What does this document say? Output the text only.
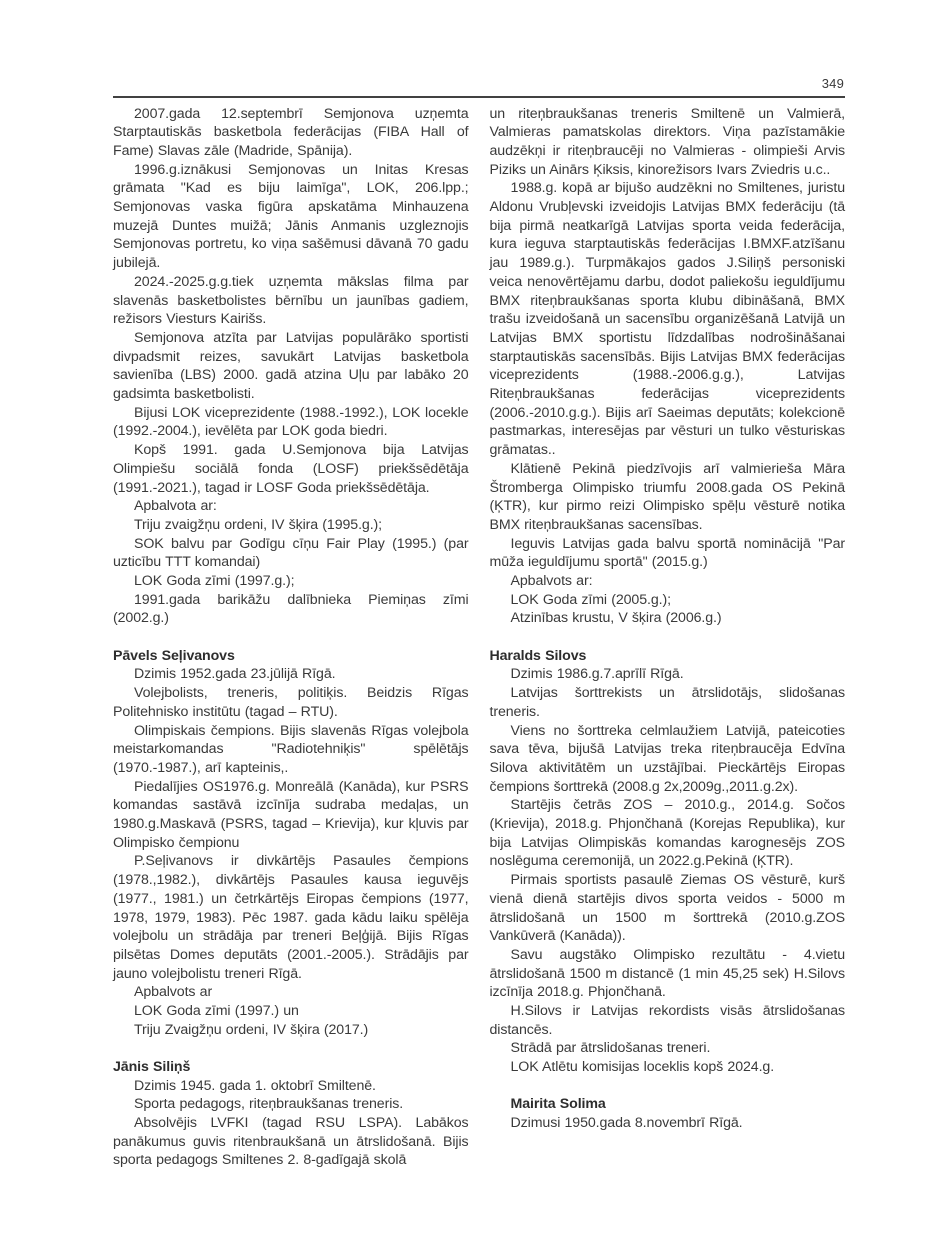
349

2007.gada 12.septembrī Semjonova uzņemta Starptautiskās basketbola federācijas (FIBA Hall of Fame) Slavas zāle (Madride, Spānija).

1996.g.iznākusi Semjonovas un Initas Kresas grāmata "Kad es biju laimīga", LOK, 206.lpp.; Semjonovas vaska figūra apskatāma Minhauzena muzejā Duntes muižā; Jānis Anmanis uzgleznojis Semjonovas portretu, ko viņa sašēmusi dāvanā 70 gadu jubilejā.

2024.-2025.g.g.tiek uzņemta mākslas filma par slavenās basketbolistes bērnību un jaunības gadiem, režisors Viesturs Kairišs.

Semjonova atzīta par Latvijas populārāko sportisti divpadsmit reizes, savukārt Latvijas basketbola savienība (LBS) 2000. gadā atzina Uļu par labāko 20 gadsimta basketbolisti.

Bijusi LOK viceprezidente (1988.-1992.), LOK locekle (1992.-2004.), ievēlēta par LOK goda biedri.

Kopš 1991. gada U.Semjonova bija Latvijas Olimpiešu sociālā fonda (LOSF) priekšsēdētāja (1991.-2021.), tagad ir LOSF Goda priekšsēdētāja.

Apbalvota ar:

Triju zvaigžņu ordeni, IV šķira (1995.g.);

SOK balvu par Godīgu cīņu Fair Play (1995.) (par uzticību TTT komandai)

LOK Goda zīmi (1997.g.);

1991.gada barikāžu dalībnieka Piemiņas zīmi (2002.g.)

Pāvels Seļivanovs

Dzimis 1952.gada 23.jūlijā Rīgā.

Volejbolists, treneris, politiķis. Beidzis Rīgas Politehnisko institūtu (tagad – RTU).

Olimpiskais čempions. Bijis slavenās Rīgas volejbola meistarkomandas "Radiotehniķis" spēlētājs (1970.-1987.), arī kapteinis,.

Piedalījies OS1976.g. Monreālā (Kanāda), kur PSRS komandas sastāvā izcīnīja sudraba medaļas, un 1980.g.Maskavā (PSRS, tagad – Krievija), kur kļuvis par Olimpisko čempionu

P.Seļivanovs ir divkārtējs Pasaules čempions (1978.,1982.), divkārtējs Pasaules kausa ieguvējs (1977., 1981.) un četrkārtējs Eiropas čempions (1977, 1978, 1979, 1983). Pēc 1987. gada kādu laiku spēlēja volejbolu un strādāja par treneri Beļģijā. Bijis Rīgas pilsētas Domes deputāts (2001.-2005.). Strādājis par jauno volejbolistu treneri Rīgā.

Apbalvots ar

LOK Goda zīmi (1997.) un

Triju Zvaigžņu ordeni, IV šķira (2017.)

Jānis Siliņš

Dzimis 1945. gada 1. oktobrī Smiltenē.

Sporta pedagogs, riteņbraukšanas treneris.

Absolvējis LVFKI (tagad RSU LSPA). Labākos panākumus guvis ritenbraukšanā un ātrslidošanā. Bijis sporta pedagogs Smiltenes 2. 8-gadīgajā skolā

un riteņbraukšanas treneris Smiltenē un Valmierā, Valmieras pamatskolas direktors. Viņa pazīstamākie audzēkņi ir riteņbraucēji no Valmieras - olimpieši Arvis Piziks un Ainārs Ķiksis, kinorežisors Ivars Zviedris u.c..

1988.g. kopā ar bijušo audzēkni no Smiltenes, juristu Aldonu Vrubļevski izveidojis Latvijas BMX federāciju (tā bija pirmā neatkarīgā Latvijas sporta veida federācija, kura ieguva starptautiskās federācijas I.BMXF.atzīšanu jau 1989.g.). Turpmākajos gados J.Siliņš personiski veica nenovērtējamu darbu, dodot paliekošu ieguldījumu BMX riteņbraukšanas sporta klubu dibināšanā, BMX trašu izveidošanā un sacensību organizēšanā Latvijā un Latvijas BMX sportistu līdzdalības nodrošināšanai starptautiskās sacensībās. Bijis Latvijas BMX federācijas viceprezidents (1988.-2006.g.g.), Latvijas Riteņbraukšanas federācijas viceprezidents (2006.-2010.g.g.). Bijis arī Saeimas deputāts; kolekcionē pastmarkas, interesējas par vēsturi un tulko vēsturiskas grāmatas..

Klātienē Pekinā piedzīvojis arī valmierieša Māra Štromberga Olimpisko triumfu 2008.gada OS Pekinā (ĶTR), kur pirmo reizi Olimpisko spēļu vēsturē notika BMX riteņbraukšanas sacensības.

Ieguvis Latvijas gada balvu sportā nominācijā "Par mūža ieguldījumu sportā" (2015.g.)

Apbalvots ar:

LOK Goda zīmi (2005.g.);

Atzinības krustu, V šķira (2006.g.)

Haralds Silovs

Dzimis 1986.g.7.aprīlī Rīgā.

Latvijas šorttrekists un ātrslidotājs, slidošanas treneris.

Viens no šorttreka celmlaužiem Latvijā, pateicoties sava tēva, bijušā Latvijas treka riteņbraucēja Edvīna Silova aktivitātēm un uzstājībai. Pieckārtējs Eiropas čempions šorttrekā (2008.g 2x,2009g.,2011.g.2x).

Startējis četrās ZOS – 2010.g., 2014.g. Sočos (Krievija), 2018.g. Phjončhanā (Korejas Republika), kur bija Latvijas Olimpiskās komandas karognesējs ZOS noslēguma ceremonijā, un 2022.g.Pekinā (ĶTR).

Pirmais sportists pasaulē Ziemas OS vēsturē, kurš vienā dienā startējis divos sporta veidos - 5000 m ātrslidošanā un 1500 m šorttrekā (2010.g.ZOS Vankūverā (Kanāda)).

Savu augstāko Olimpisko rezultātu - 4.vietu ātrslidošanā 1500 m distancē (1 min 45,25 sek) H.Silovs izcīnīja 2018.g. Phjončhanā.

H.Silovs ir Latvijas rekordists visās ātrslidošanas distancēs.

Strādā par ātrslidošanas treneri.

LOK Atlētu komisijas loceklis kopš 2024.g.

Mairita Solima

Dzimusi 1950.gada 8.novembrī Rīgā.
